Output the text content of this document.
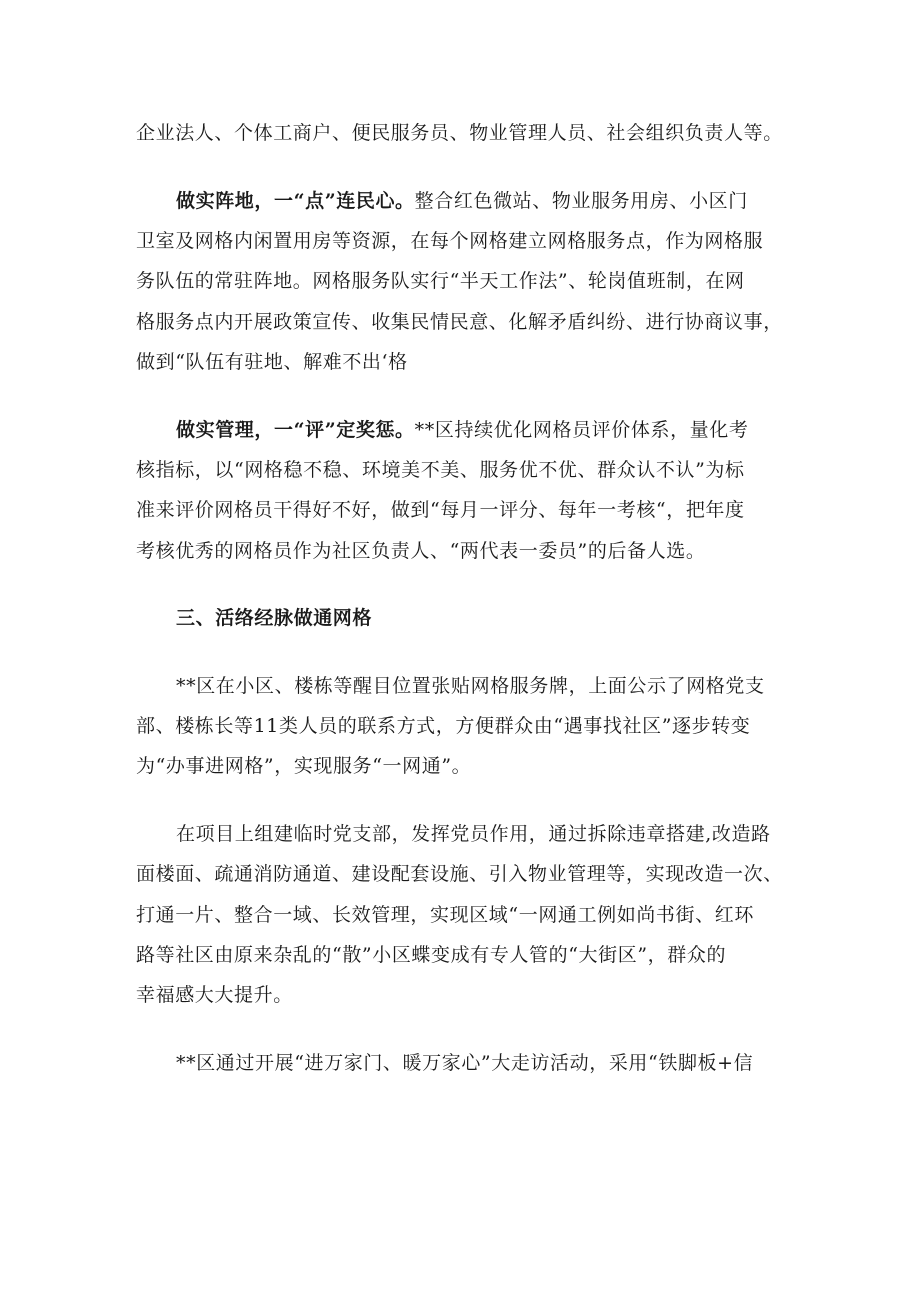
企业法人、个体工商户、便民服务员、物业管理人员、社会组织负责人等。
做实阵地，一“点”连民心。整合红色微站、物业服务用房、小区门
卫室及网格内闲置用房等资源，在每个网格建立网格服务点，作为网格服
务队伍的常驻阵地。网格服务队实行“半天工作法”、轮岗值班制，在网
格服务点内开展政策宣传、收集民情民意、化解矛盾纠纷、进行协商议事，
做到“队伍有驻地、解难不出‘格
做实管理，一“评”定奖惩。**区持续优化网格员评价体系，量化考
核指标，以“网格稳不稳、环境美不美、服务优不优、群众认不认”为标
准来评价网格员干得好不好，做到“每月一评分、每年一考核“，把年度
考核优秀的网格员作为社区负责人、“两代表一委员”的后备人选。
三、活络经脉做通网格
**区在小区、楼栋等醒目位置张贴网格服务牌，上面公示了网格党支
部、楼栋长等11类人员的联系方式，方便群众由“遇事找社区”逐步转变
为“办事进网格”，实现服务“一网通”。
在项目上组建临时党支部，发挥党员作用，通过拆除违章搭建,改造路
面楼面、疏通消防通道、建设配套设施、引入物业管理等，实现改造一次、
打通一片、整合一域、长效管理，实现区域“一网通工例如尚书街、红环
路等社区由原来杂乱的“散”小区蝶变成有专人管的“大街区”，群众的
幸福感大大提升。
**区通过开展“进万家门、暖万家心”大走访活动，采用“铁脚板+信
